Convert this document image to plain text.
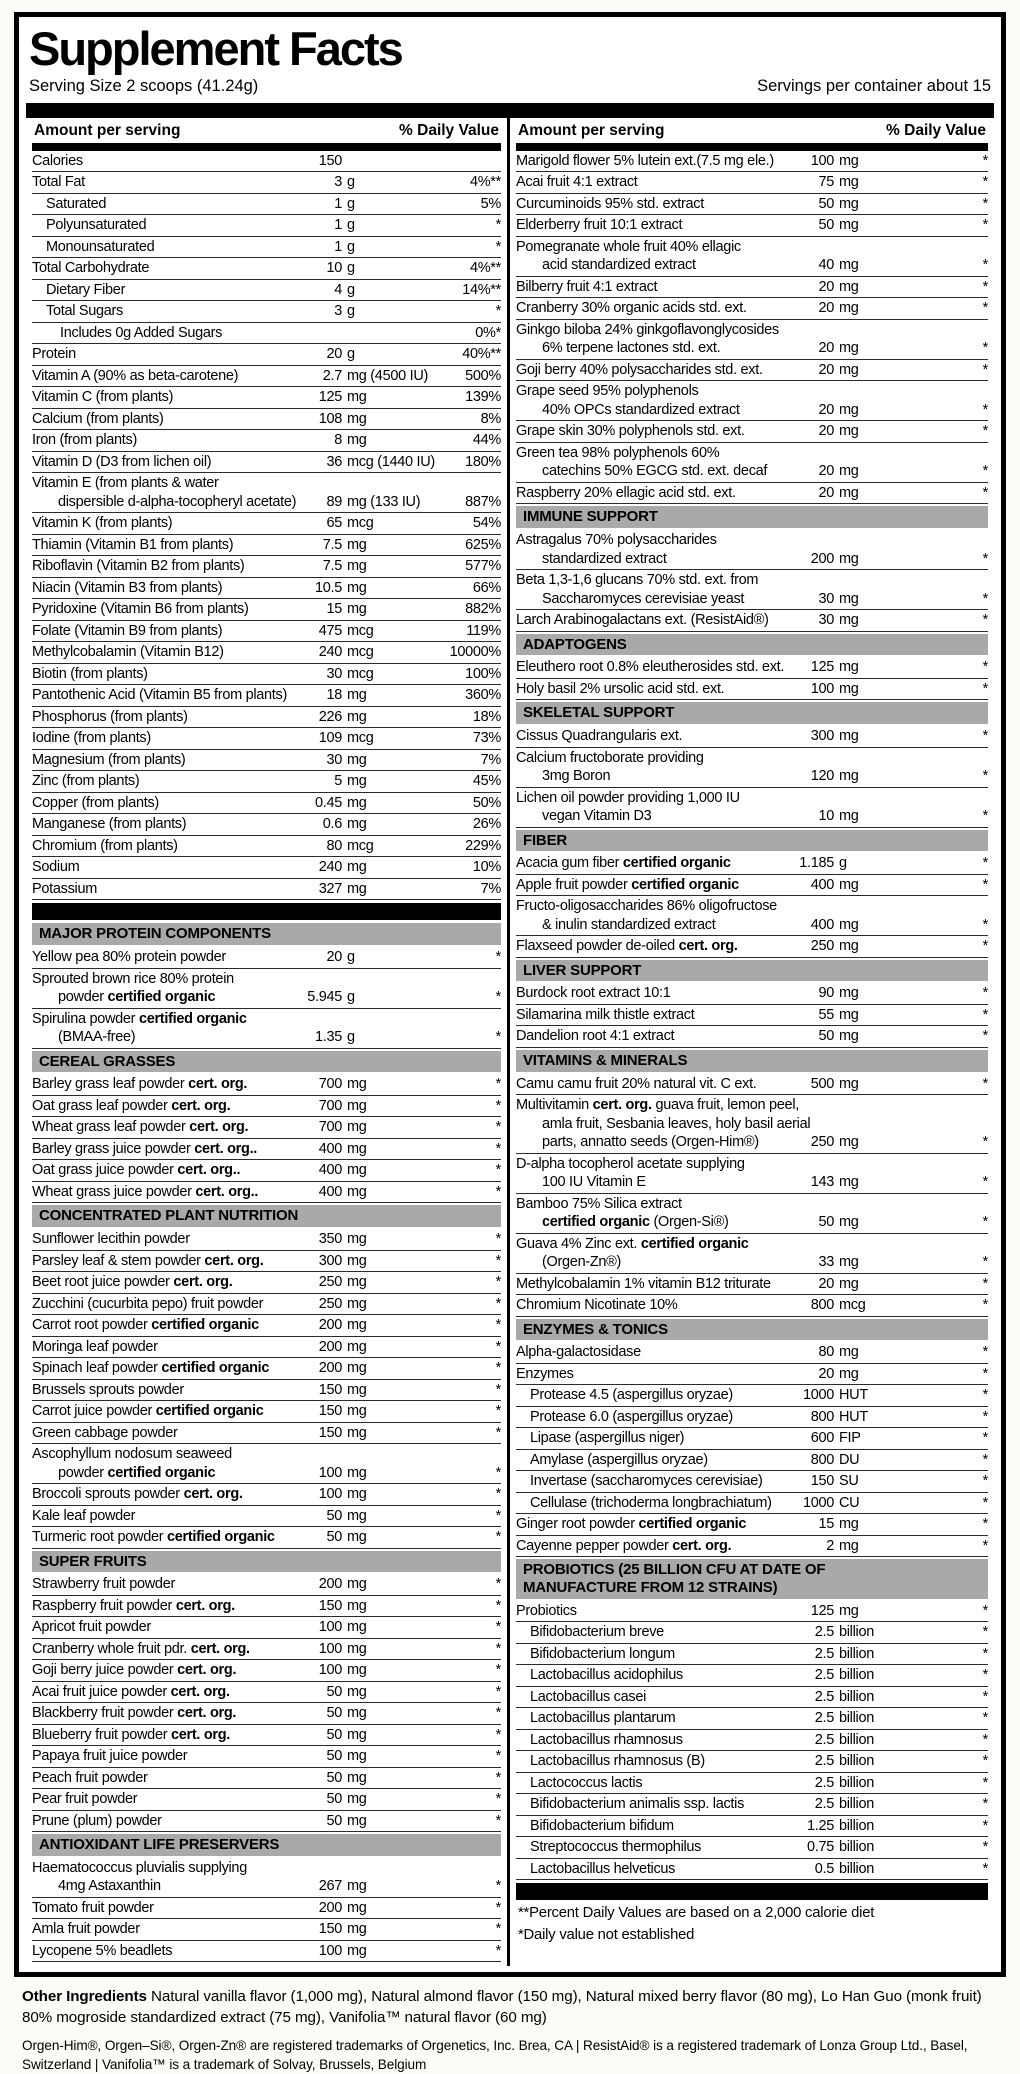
Supplement Facts
Serving Size 2 scoops (41.24g)	Servings per container about 15
Amount per serving	% Daily Value
Calories	150
Total Fat	3 g	4%**
Saturated	1 g	5%
Polyunsaturated	1 g	*
Monounsaturated	1 g	*
Total Carbohydrate	10 g	4%**
Dietary Fiber	4 g	14%**
Total Sugars	3 g	*
Includes 0g Added Sugars	0%*
Protein	20 g	40%**
Vitamin A (90% as beta-carotene)	2.7 mg (4500 IU)	500%
Vitamin C (from plants)	125 mg	139%
Calcium (from plants)	108 mg	8%
Iron (from plants)	8 mg	44%
Vitamin D (D3 from lichen oil)	36 mcg (1440 IU) 180%
Vitamin E (from plants & water
dispersible d-alpha-tocopheryl acetate)	89 mg (133 IU)	887%
Vitamin K (from plants)	65 mcg	54%
Thiamin (Vitamin B1 from plants)	7.5 mg	625%
Riboflavin (Vitamin B2 from plants)	7.5 mg	577%
Niacin (Vitamin B3 from plants)	10.5 mg	66%
Pyridoxine (Vitamin B6 from plants)	15 mg	882%
Folate (Vitamin B9 from plants)	475 mcg	119%
Methylcobalamin (Vitamin B12)	240 mcg	10000%
Biotin (from plants)	30 mcg	100%
Pantothenic Acid (Vitamin B5 from plants)	18 mg	360%
Phosphorus (from plants)	226 mg	18%
Iodine (from plants)	109 mcg	73%
Magnesium (from plants)	30 mg	7%
Zinc (from plants)	5 mg	45%
Copper (from plants)	0.45 mg	50%
Manganese (from plants)	0.6 mg	26%
Chromium (from plants)	80 mcg	229%
Sodium	240 mg	10%
Potassium	327 mg	7%
MAJOR PROTEIN COMPONENTS
Yellow pea 80% protein powder	20 g	*
Sprouted brown rice 80% protein
powder certified organic	5.945 g	*
Spirulina powder certified organic
(BMAA-free)	1.35 g	*
CEREAL GRASSES
Barley grass leaf powder cert. org.	700 mg	*
Oat grass leaf powder cert. org.	700 mg	*
Wheat grass leaf powder cert. org.	700 mg	*
Barley grass juice powder cert. org..	400 mg	*
Oat grass juice powder cert. org..	400 mg	*
Wheat grass juice powder cert. org..	400 mg	*
CONCENTRATED PLANT NUTRITION
Sunflower lecithin powder	350 mg	*
Parsley leaf & stem powder cert. org.	300 mg	*
Beet root juice powder cert. org.	250 mg	*
Zucchini (cucurbita pepo) fruit powder	250 mg	*
Carrot root powder certified organic	200 mg	*
Moringa leaf powder	200 mg	*
Spinach leaf powder certified organic	200 mg	*
Brussels sprouts powder	150 mg	*
Carrot juice powder certified organic	150 mg	*
Green cabbage powder	150 mg	*
Ascophyllum nodosum seaweed
powder certified organic	100 mg	*
Broccoli sprouts powder cert. org.	100 mg	*
Kale leaf powder	50 mg	*
Turmeric root powder certified organic	50 mg	*
SUPER FRUITS
Strawberry fruit powder	200 mg	*
Raspberry fruit powder cert. org.	150 mg	*
Apricot fruit powder	100 mg	*
Cranberry whole fruit pdr. cert. org.	100 mg	*
Goji berry juice powder cert. org.	100 mg	*
Acai fruit juice powder cert. org.	50 mg	*
Blackberry fruit powder cert. org.	50 mg	*
Blueberry fruit powder cert. org.	50 mg	*
Papaya fruit juice powder	50 mg	*
Peach fruit powder	50 mg	*
Pear fruit powder	50 mg	*
Prune (plum) powder	50 mg	*
ANTIOXIDANT LIFE PRESERVERS
Haematococcus pluvialis supplying
4mg Astaxanthin	267 mg	*
Tomato fruit powder	200 mg	*
Amla fruit powder	150 mg	*
Lycopene 5% beadlets	100 mg	*
Amount per serving	% Daily Value
Marigold flower 5% lutein ext.(7.5 mg ele.)	100 mg	*
Acai fruit 4:1 extract	75 mg	*
Curcuminoids 95% std. extract	50 mg	*
Elderberry fruit 10:1 extract	50 mg	*
Pomegranate whole fruit 40% ellagic
acid standardized extract	40 mg	*
Bilberry fruit 4:1 extract	20 mg	*
Cranberry 30% organic acids std. ext.	20 mg	*
Ginkgo biloba 24% ginkgoflavonglycosides
6% terpene lactones std. ext.	20 mg	*
Goji berry 40% polysaccharides std. ext.	20 mg	*
Grape seed 95% polyphenols
40% OPCs standardized extract	20 mg	*
Grape skin 30% polyphenols std. ext.	20 mg	*
Green tea 98% polyphenols 60%
catechins 50% EGCG std. ext. decaf	20 mg	*
Raspberry 20% ellagic acid std. ext.	20 mg	*
IMMUNE SUPPORT
Astragalus 70% polysaccharides
standardized extract	200 mg	*
Beta 1,3-1,6 glucans 70% std. ext. from
Saccharomyces cerevisiae yeast	30 mg	*
Larch Arabinogalactans ext. (ResistAid®)	30 mg	*
ADAPTOGENS
Eleuthero root 0.8% eleutherosides std. ext.	125 mg	*
Holy basil 2% ursolic acid std. ext.	100 mg	*
SKELETAL SUPPORT
Cissus Quadrangularis ext.	300 mg	*
Calcium fructoborate providing
3mg Boron	120 mg	*
Lichen oil powder providing 1,000 IU
vegan Vitamin D3	10 mg	*
FIBER
Acacia gum fiber certified organic	1.185 g	*
Apple fruit powder certified organic	400 mg	*
Fructo-oligosaccharides 86% oligofructose
& inulin standardized extract	400 mg	*
Flaxseed powder de-oiled cert. org.	250 mg	*
LIVER SUPPORT
Burdock root extract 10:1	90 mg	*
Silamarina milk thistle extract	55 mg	*
Dandelion root 4:1 extract	50 mg	*
VITAMINS & MINERALS
Camu camu fruit 20% natural vit. C ext.	500 mg	*
Multivitamin cert. org. guava fruit, lemon peel,
amla fruit, Sesbania leaves, holy basil aerial
parts, annatto seeds (Orgen-Him®)	250 mg	*
D-alpha tocopherol acetate supplying
100 IU Vitamin E	143 mg	*
Bamboo 75% Silica extract
certified organic (Orgen-Si®)	50 mg	*
Guava 4% Zinc ext. certified organic
(Orgen-Zn®)	33 mg	*
Methylcobalamin 1% vitamin B12 triturate	20 mg	*
Chromium Nicotinate 10%	800 mcg	*
ENZYMES & TONICS
Alpha-galactosidase	80 mg	*
Enzymes	20 mg	*
Protease 4.5 (aspergillus oryzae)	1000 HUT	*
Protease 6.0 (aspergillus oryzae)	800 HUT	*
Lipase (aspergillus niger)	600 FIP	*
Amylase (aspergillus oryzae)	800 DU	*
Invertase (saccharomyces cerevisiae)	150 SU	*
Cellulase (trichoderma longbrachiatum)	1000 CU	*
Ginger root powder certified organic	15 mg	*
Cayenne pepper powder cert. org.	2 mg	*
PROBIOTICS (25 BILLION CFU AT DATE OF
MANUFACTURE FROM 12 STRAINS)
Probiotics	125 mg	*
Bifidobacterium breve	2.5 billion	*
Bifidobacterium longum	2.5 billion	*
Lactobacillus acidophilus	2.5 billion	*
Lactobacillus casei	2.5 billion	*
Lactobacillus plantarum	2.5 billion	*
Lactobacillus rhamnosus	2.5 billion	*
Lactobacillus rhamnosus (B)	2.5 billion	*
Lactococcus lactis	2.5 billion	*
Bifidobacterium animalis ssp. lactis	2.5 billion	*
Bifidobacterium bifidum	1.25 billion	*
Streptococcus thermophilus	0.75 billion	*
Lactobacillus helveticus	0.5 billion	*
**Percent Daily Values are based on a 2,000 calorie diet
*Daily value not established
Other Ingredients Natural vanilla flavor (1,000 mg), Natural almond flavor (150 mg), Natural mixed berry flavor (80 mg), Lo Han Guo (monk fruit) 80% mogroside standardized extract (75 mg), Vanifolia™ natural flavor (60 mg)
Orgen-Him®, Orgen–Si®, Orgen-Zn® are registered trademarks of Orgenetics, Inc. Brea, CA | ResistAid® is a registered trademark of Lonza Group Ltd., Basel, Switzerland | Vanifolia™ is a trademark of Solvay, Brussels, Belgium
